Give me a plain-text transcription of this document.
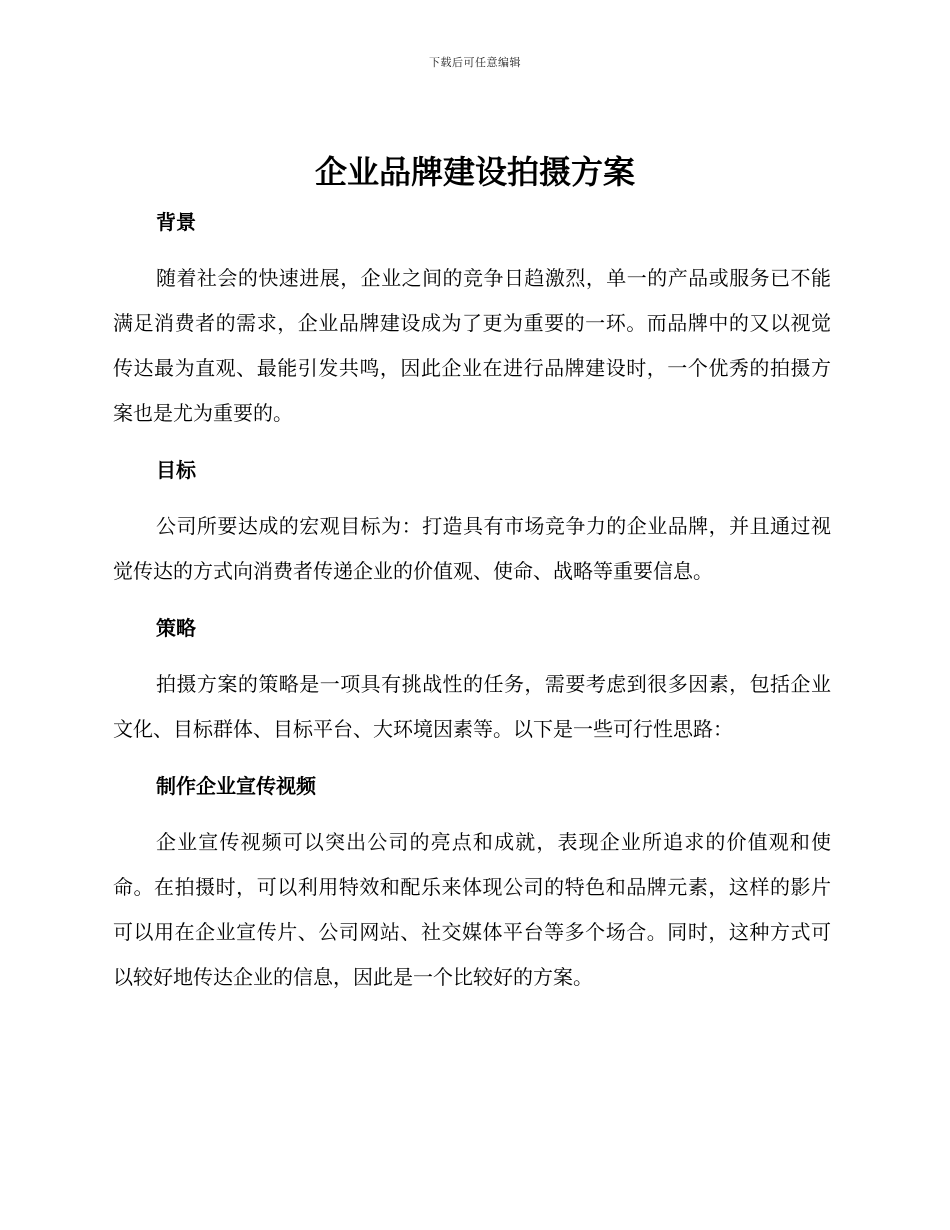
下载后可任意编辑
企业品牌建设拍摄方案
背景

随着社会的快速进展，企业之间的竞争日趋激烈，单一的产品或服务已不能满足消费者的需求，企业品牌建设成为了更为重要的一环。而品牌中的又以视觉传达最为直观、最能引发共鸣，因此企业在进行品牌建设时，一个优秀的拍摄方案也是尤为重要的。

目标

公司所要达成的宏观目标为：打造具有市场竞争力的企业品牌，并且通过视觉传达的方式向消费者传递企业的价值观、使命、战略等重要信息。

策略

拍摄方案的策略是一项具有挑战性的任务，需要考虑到很多因素，包括企业文化、目标群体、目标平台、大环境因素等。以下是一些可行性思路：

制作企业宣传视频

企业宣传视频可以突出公司的亮点和成就，表现企业所追求的价值观和使命。在拍摄时，可以利用特效和配乐来体现公司的特色和品牌元素，这样的影片可以用在企业宣传片、公司网站、社交媒体平台等多个场合。同时，这种方式可以较好地传达企业的信息，因此是一个比较好的方案。
